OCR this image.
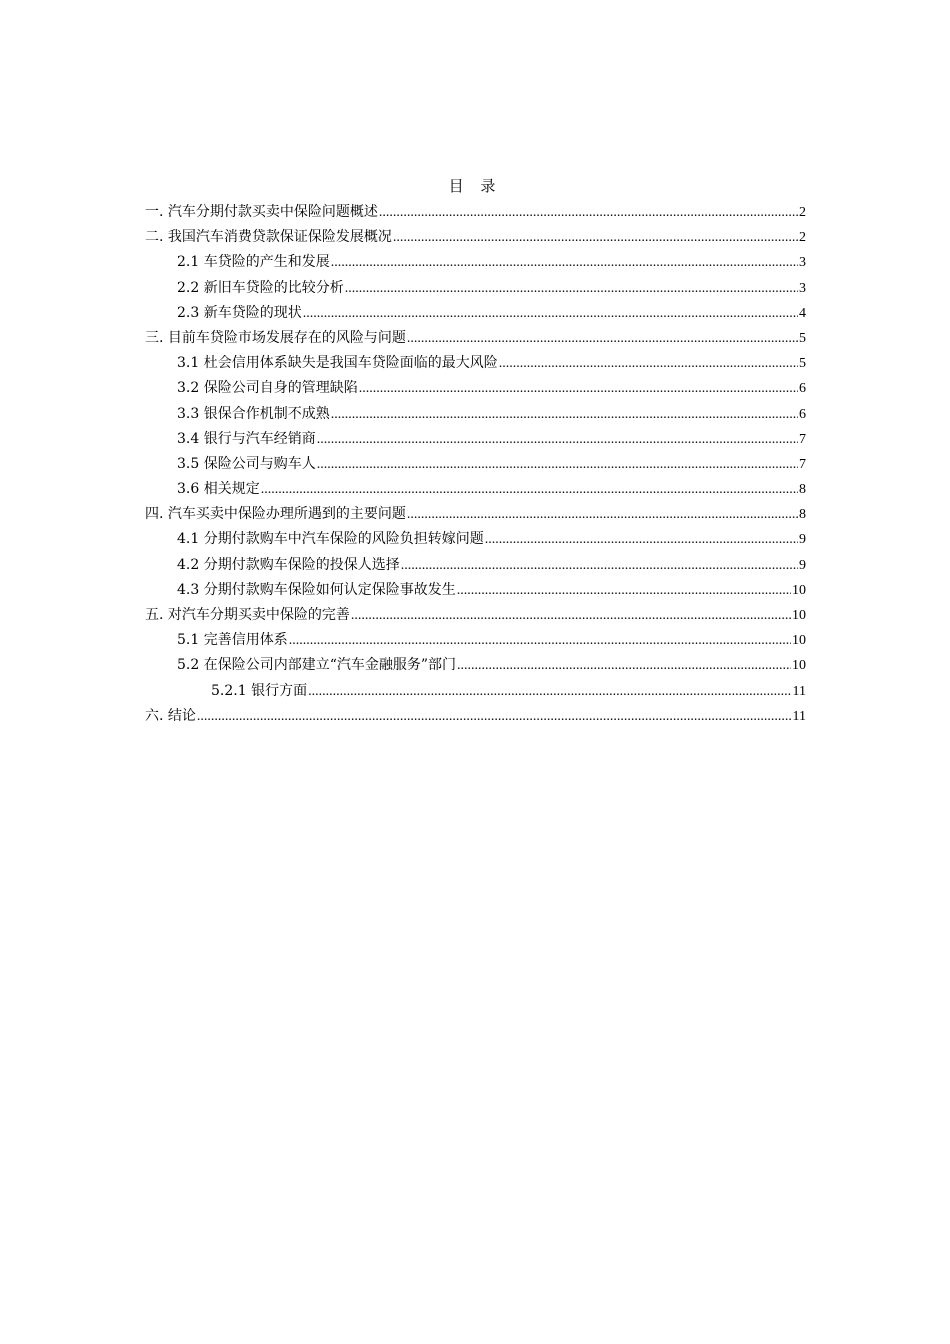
目 录
一. 汽车分期付款买卖中保险问题概述 .....	2
二. 我国汽车消费贷款保证保险发展概况 .....	2
2.1 车贷险的产生和发展 .....	3
2.2 新旧车贷险的比较分析 .....	3
2.3 新车贷险的现状 .....	4
三. 目前车贷险市场发展存在的风险与问题 .....	5
3.1 杜会信用体系缺失是我国车贷险面临的最大风险 .....	5
3.2 保险公司自身的管理缺陷 .....	6
3.3 银保合作机制不成熟 .....	6
3.4 银行与汽车经销商 .....	7
3.5 保险公司与购车人 .....	7
3.6 相关规定 .....	8
四. 汽车买卖中保险办理所遇到的主要问题 .....	8
4.1 分期付款购车中汽车保险的风险负担转嫁问题 .....	9
4.2 分期付款购车保险的投保人选择 .....	9
4.3 分期付款购车保险如何认定保险事故发生 .....	10
五. 对汽车分期买卖中保险的完善 .....	10
5.1 完善信用体系 .....	10
5.2 在保险公司内部建立“汽车金融服务”部门 .....	10
5.2.1 银行方面 .....	11
六. 结论 .....	11
